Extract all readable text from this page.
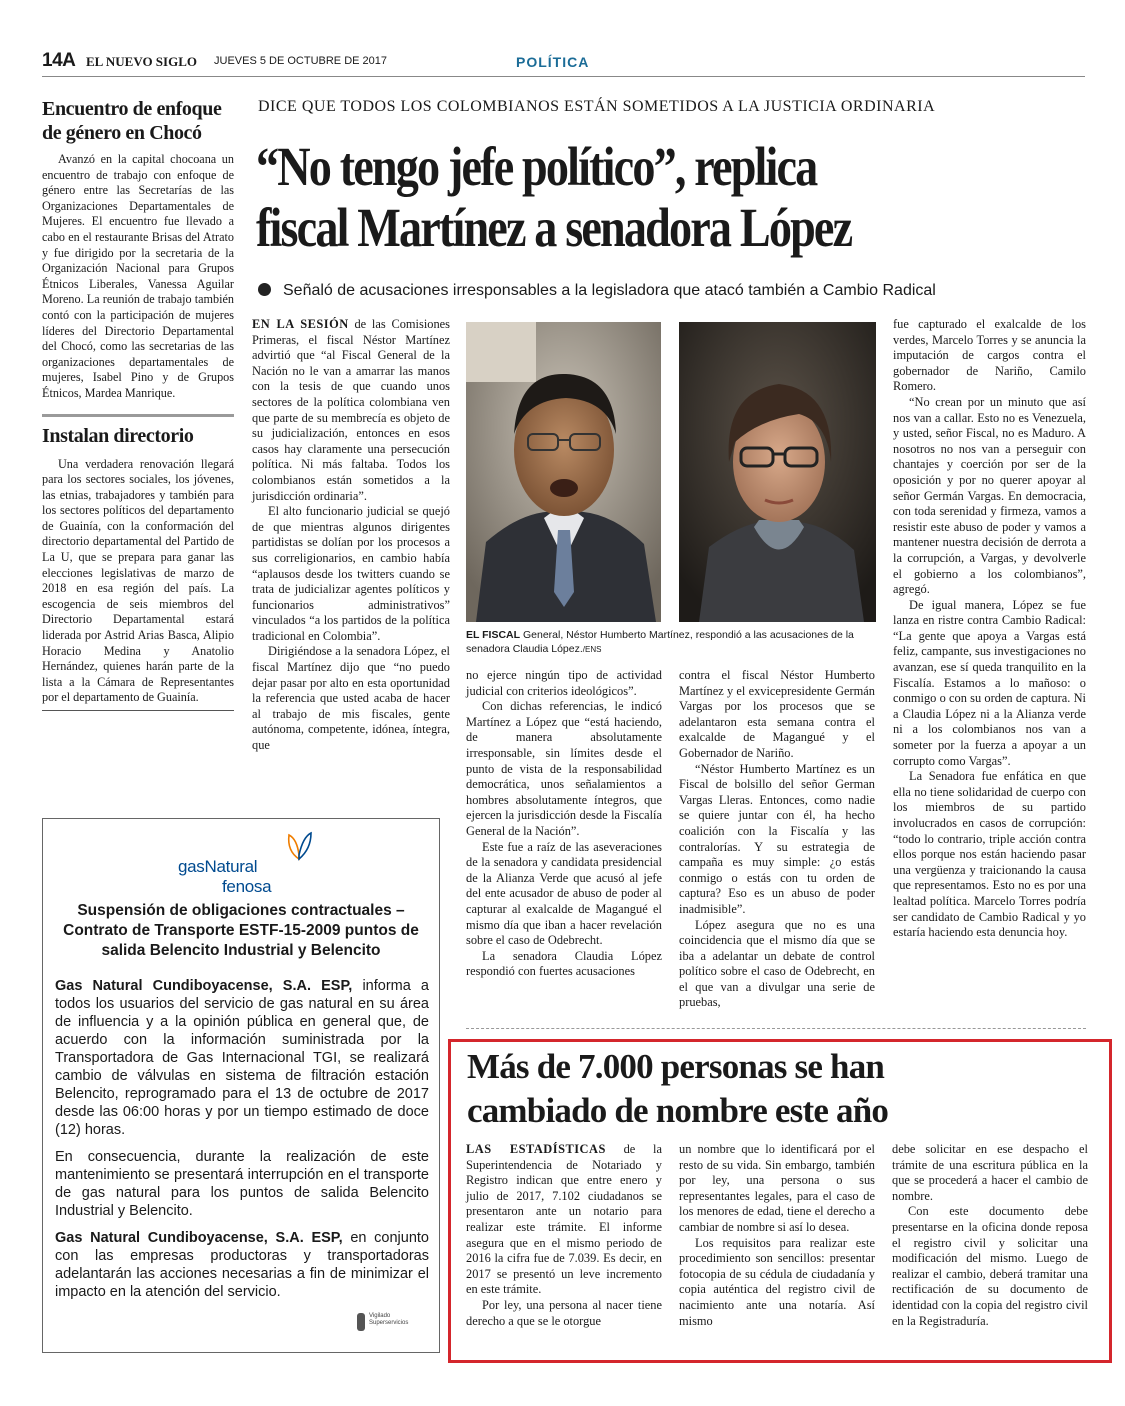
14A EL NUEVO SIGLO JUEVES 5 DE OCTUBRE DE 2017	POLÍTICA
Encuentro de enfoque de género en Chocó

Avanzó en la capital chocoana un encuentro de trabajo con enfoque de género entre las Secretarías de las Organizaciones Departamentales de Mujeres. El encuentro fue llevado a cabo en el restaurante Brisas del Atrato y fue dirigido por la secretaria de la Organización Nacional para Grupos Étnicos Liberales, Vanessa Aguilar Moreno. La reunión de trabajo también contó con la participación de mujeres líderes del Directorio Departamental del Chocó, como las secretarias de las organizaciones departamentales de mujeres, Isabel Pino y de Grupos Étnicos, Mardea Manrique.

Instalan directorio

Una verdadera renovación llegará para los sectores sociales, los jóvenes, las etnias, trabajadores y también para los sectores políticos del departamento de Guainía, con la conformación del directorio departamental del Partido de La U, que se prepara para ganar las elecciones legislativas de marzo de 2018 en esa región del país. La escogencia de seis miembros del Directorio Departamental estará liderada por Astrid Arias Basca, Alipio Horacio Medina y Anatolio Hernández, quienes harán parte de la lista a la Cámara de Representantes por el departamento de Guainía.

DICE QUE TODOS LOS COLOMBIANOS ESTÁN SOMETIDOS A LA JUSTICIA ORDINARIA
“No tengo jefe político”, replica
fiscal Martínez a senadora López
Señaló de acusaciones irresponsables a la legisladora que atacó también a Cambio Radical

EN LA SESIÓN de las Comisiones Primeras, el fiscal Néstor Martínez advirtió que “al Fiscal General de la Nación no le van a amarrar las manos con la tesis de que cuando unos sectores de la política colombiana ven que parte de su membrecía es objeto de su judicialización, entonces en esos casos hay claramente una persecución política. Ni más faltaba. Todos los colombianos están sometidos a la jurisdicción ordinaria”.

El alto funcionario judicial se quejó de que mientras algunos dirigentes partidistas se dolían por los procesos a sus correligionarios, en cambio había “aplausos desde los twitters cuando se trata de judicializar agentes políticos y funcionarios administrativos” vinculados “a los partidos de la política tradicional en Colombia”.

Dirigiéndose a la senadora López, el fiscal Martínez dijo que “no puedo dejar pasar por alto en esta oportunidad la referencia que usted acaba de hacer al trabajo de mis fiscales, gente autónoma, competente, idónea, íntegra, que

EL FISCAL General, Néstor Humberto Martínez, respondió a las acusaciones de la senadora Claudia López./ENS

no ejerce ningún tipo de actividad judicial con criterios ideológicos”.

Con dichas referencias, le indicó Martínez a López que “está haciendo, de manera absolutamente irresponsable, sin límites desde el punto de vista de la responsabilidad democrática, unos señalamientos a hombres absolutamente íntegros, que ejercen la jurisdicción desde la Fiscalía General de la Nación”.

Este fue a raíz de las aseveraciones de la senadora y candidata presidencial de la Alianza Verde que acusó al jefe del ente acusador de abuso de poder al capturar al exalcalde de Magangué el mismo día que iban a hacer revelación sobre el caso de Odebrecht.

La senadora Claudia López respondió con fuertes acusaciones

contra el fiscal Néstor Humberto Martínez y el exvicepresidente Germán Vargas por los procesos que se adelantaron esta semana contra el exalcalde de Magangué y el Gobernador de Nariño.

“Néstor Humberto Martínez es un Fiscal de bolsillo del señor German Vargas Lleras. Entonces, como nadie se quiere juntar con él, ha hecho coalición con la Fiscalía y las contralorías. Y su estrategia de campaña es muy simple: ¿o estás conmigo o estás con tu orden de captura? Eso es un abuso de poder inadmisible”.

López asegura que no es una coincidencia que el mismo día que se iba a adelantar un debate de control político sobre el caso de Odebrecht, en el que van a divulgar una serie de pruebas,

fue capturado el exalcalde de los verdes, Marcelo Torres y se anuncia la imputación de cargos contra el gobernador de Nariño, Camilo Romero.

“No crean por un minuto que así nos van a callar. Esto no es Venezuela, y usted, señor Fiscal, no es Maduro. A nosotros no nos van a perseguir con chantajes y coerción por ser de la oposición y por no querer apoyar al señor Germán Vargas. En democracia, con toda serenidad y firmeza, vamos a resistir este abuso de poder y vamos a mantener nuestra decisión de derrota a la corrupción, a Vargas, y devolverle el gobierno a los colombianos”, agregó.

De igual manera, López se fue lanza en ristre contra Cambio Radical: “La gente que apoya a Vargas está feliz, campante, sus investigaciones no avanzan, ese sí queda tranquilito en la Fiscalía. Estamos a lo mañoso: o conmigo o con su orden de captura. Ni a Claudia López ni a la Alianza verde ni a los colombianos nos van a someter por la fuerza a apoyar a un corrupto como Vargas”.

La Senadora fue enfática en que ella no tiene solidaridad de cuerpo con los miembros de su partido involucrados en casos de corrupción: “todo lo contrario, triple acción contra ellos porque nos están haciendo pasar una vergüenza y traicionando la causa que representamos. Esto no es por una lealtad política. Marcelo Torres podría ser candidato de Cambio Radical y yo estaría haciendo esta denuncia hoy.

gasNatural
fenosa
Suspensión de obligaciones contractuales – Contrato de Transporte ESTF-15-2009 puntos de salida Belencito Industrial y Belencito

Gas Natural Cundiboyacense, S.A. ESP, informa a todos los usuarios del servicio de gas natural en su área de influencia y a la opinión pública en general que, de acuerdo con la información suministrada por la Transportadora de Gas Internacional TGI, se realizará cambio de válvulas en sistema de filtración estación Belencito, reprogramado para el 13 de octubre de 2017 desde las 06:00 horas y por un tiempo estimado de doce (12) horas.

En consecuencia, durante la realización de este mantenimiento se presentará interrupción en el transporte de gas natural para los puntos de salida Belencito Industrial y Belencito.

Gas Natural Cundiboyacense, S.A. ESP, en conjunto con las empresas productoras y transportadoras adelantarán las acciones necesarias a fin de minimizar el impacto en la atención del servicio.

Vigilado Superservicios
Más de 7.000 personas se han
cambiado de nombre este año

LAS ESTADÍSTICAS de la Superintendencia de Notariado y Registro indican que entre enero y julio de 2017, 7.102 ciudadanos se presentaron ante un notario para realizar este trámite. El informe asegura que en el mismo periodo de 2016 la cifra fue de 7.039. Es decir, en 2017 se presentó un leve incremento en este trámite.

Por ley, una persona al nacer tiene derecho a que se le otorgue

un nombre que lo identificará por el resto de su vida. Sin embargo, también por ley, una persona o sus representantes legales, para el caso de los menores de edad, tiene el derecho a cambiar de nombre si así lo desea.

Los requisitos para realizar este procedimiento son sencillos: presentar fotocopia de su cédula de ciudadanía y copia auténtica del registro civil de nacimiento ante una notaría. Así mismo

debe solicitar en ese despacho el trámite de una escritura pública en la que se procederá a hacer el cambio de nombre.

Con este documento debe presentarse en la oficina donde reposa el registro civil y solicitar una modificación del mismo. Luego de realizar el cambio, deberá tramitar una rectificación de su documento de identidad con la copia del registro civil en la Registraduría.
